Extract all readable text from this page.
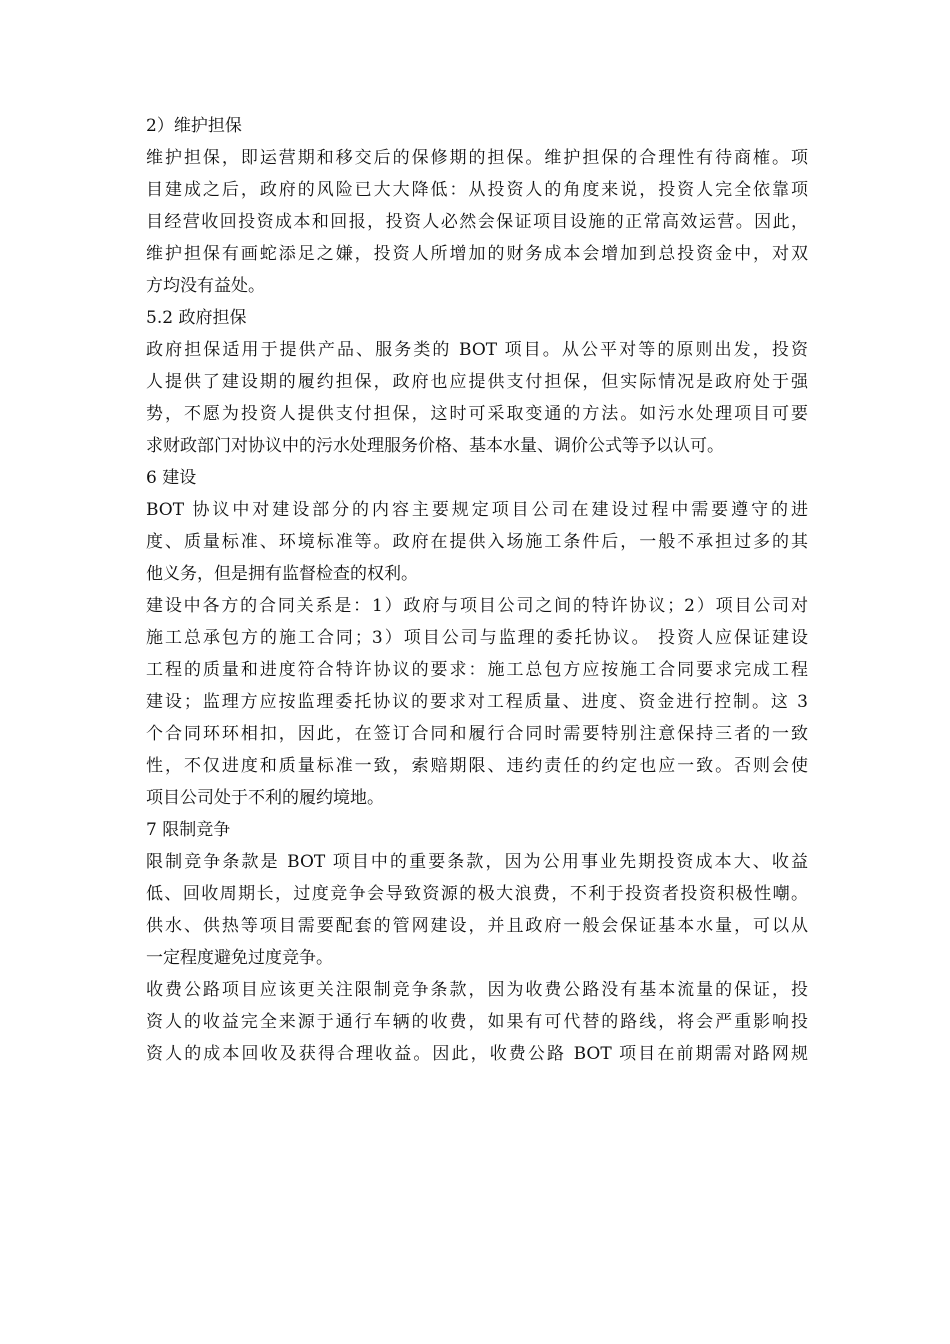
2）维护担保
维护担保，即运营期和移交后的保修期的担保。维护担保的合理性有待商榷。项
目建成之后，政府的风险已大大降低：从投资人的角度来说，投资人完全依靠项
目经营收回投资成本和回报，投资人必然会保证项目设施的正常高效运营。因此，
维护担保有画蛇添足之嫌，投资人所增加的财务成本会增加到总投资金中，对双
方均没有益处。
5.2 政府担保
政府担保适用于提供产品、服务类的 BOT 项目。从公平对等的原则出发，投资
人提供了建设期的履约担保，政府也应提供支付担保，但实际情况是政府处于强
势，不愿为投资人提供支付担保，这时可采取变通的方法。如污水处理项目可要
求财政部门对协议中的污水处理服务价格、基本水量、调价公式等予以认可。
6 建设
BOT 协议中对建设部分的内容主要规定项目公司在建设过程中需要遵守的进
度、质量标准、环境标准等。政府在提供入场施工条件后，一般不承担过多的其
他义务，但是拥有监督检查的权利。
建设中各方的合同关系是：1）政府与项目公司之间的特许协议；2）项目公司对
施工总承包方的施工合同；3）项目公司与监理的委托协议。 投资人应保证建设
工程的质量和进度符合特许协议的要求：施工总包方应按施工合同要求完成工程
建设；监理方应按监理委托协议的要求对工程质量、进度、资金进行控制。这 3
个合同环环相扣，因此，在签订合同和履行合同时需要特别注意保持三者的一致
性，不仅进度和质量标准一致，索赔期限、违约责任的约定也应一致。否则会使
项目公司处于不利的履约境地。
7 限制竞争
限制竞争条款是 BOT 项目中的重要条款，因为公用事业先期投资成本大、收益
低、回收周期长，过度竞争会导致资源的极大浪费，不利于投资者投资积极性嘲。
供水、供热等项目需要配套的管网建设，并且政府一般会保证基本水量，可以从
一定程度避免过度竞争。
收费公路项目应该更关注限制竞争条款，因为收费公路没有基本流量的保证，投
资人的收益完全来源于通行车辆的收费，如果有可代替的路线，将会严重影响投
资人的成本回收及获得合理收益。因此，收费公路 BOT 项目在前期需对路网规
